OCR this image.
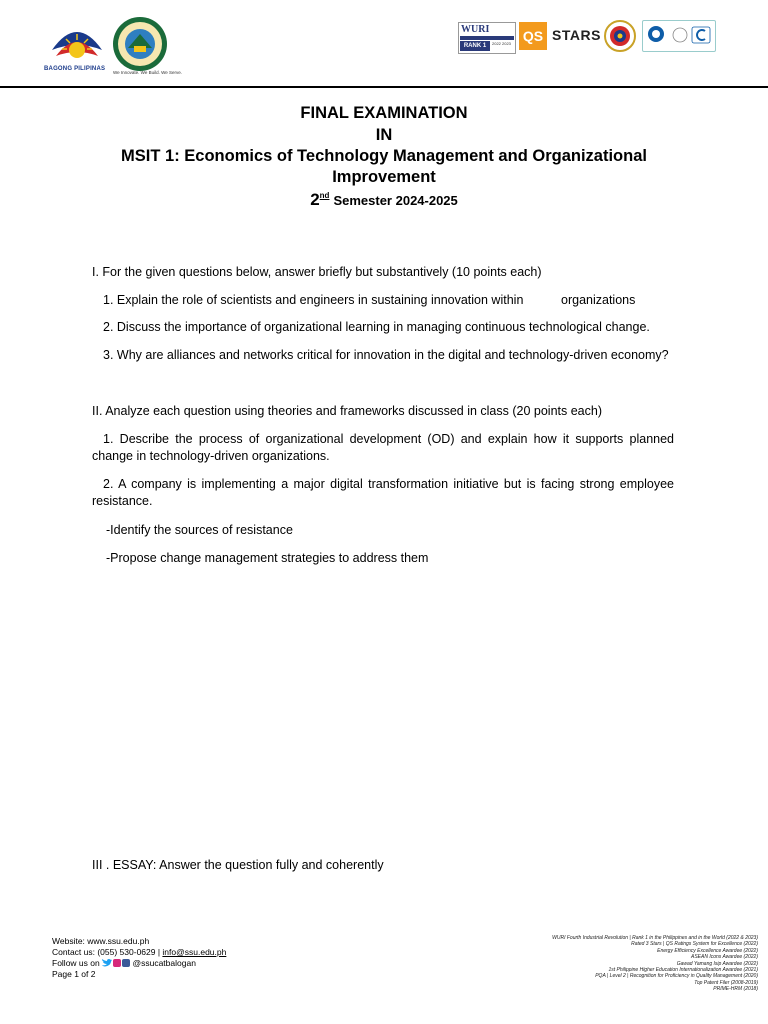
BAGONG PILIPINAS
We Innovate. We Build. We Serve.
WURI

RANK 1	2022 2023 QS STARS
FINAL EXAMINATION
IN
MSIT 1: Economics of Technology Management and Organizational
Improvement
2nd Semester 2024-2025
I. For the given questions below, answer briefly but substantively (10 points each)
1. Explain the role of scientists and engineers in sustaining innovation within	organizations
2. Discuss the importance of organizational learning in managing continuous technological change.
3. Why are alliances and networks critical for innovation in the digital and technology-driven economy?
II. Analyze each question using theories and frameworks discussed in class (20 points each)
1. Describe the process of organizational development (OD) and explain how it supports planned change in technology-driven organizations.
2. A company is implementing a major digital transformation initiative but is facing strong employee resistance.
-Identify the sources of resistance
-Propose change management strategies to address them
III . ESSAY: Answer the question fully and coherently
Website: www.ssu.edu.ph
Contact us: (055) 530-0629 | info@ssu.edu.ph
Follow us on	@ssucatbalogan
Page 1 of 2
WURI Fourth Industrial Revolution | Rank 1 in the Philippines and in the World (2022 & 2023)
Rated 3 Stars | QS Ratings System for Excellence (2022)
Energy Efficiency Excellence Awardee (2022)
ASEAN Icons Awardee (2022)
Gawad Yamang Isip Awardee (2022)
1st Philippine Higher Education Internationalization Awardee (2021)
PQA | Level 2 | Recognition for Proficiency in Quality Management (2020)
Top Patent Filer (2008-2019)
PRIME-HRM (2018)
